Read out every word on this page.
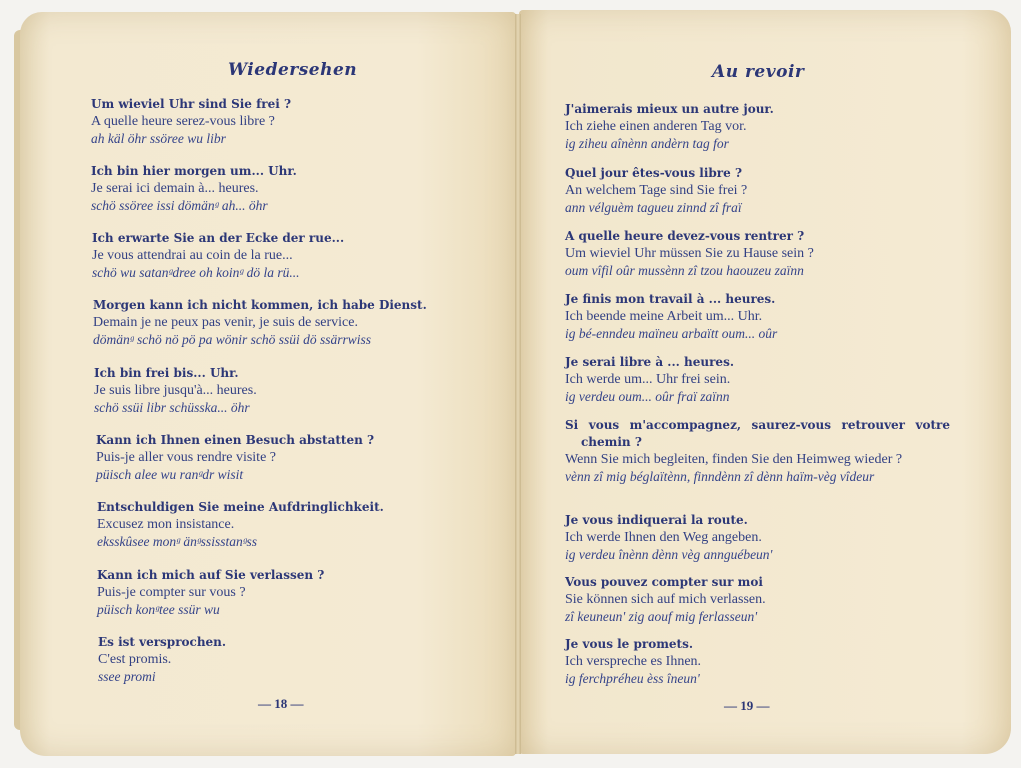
Wiedersehen
Um wieviel Uhr sind Sie frei ?
A quelle heure serez-vous libre ?
ah käl öhr ssöree wu libr
Ich bin hier morgen um... Uhr.
Je serai ici demain à... heures.
schö ssöree issi dömänᵍ ah... öhr
Ich erwarte Sie an der Ecke der rue...
Je vous attendrai au coin de la rue...
schö wu satanᵍdree oh koinᵍ dö la rü...
Morgen kann ich nicht kommen, ich habe Dienst.
Demain je ne peux pas venir, je suis de service.
dömänᵍ schö nö pö pa wönir schö ssüi dö ssärrwiss
Ich bin frei bis... Uhr.
Je suis libre jusqu'à... heures.
schö ssüi libr schüsska... öhr
Kann ich Ihnen einen Besuch abstatten ?
Puis-je aller vous rendre visite ?
püisch alee wu ranᵍdr wisit
Entschuldigen Sie meine Aufdringlichkeit.
Excusez mon insistance.
eksskûsee monᵍ änᵍssisstanᵍss
Kann ich mich auf Sie verlassen ?
Puis-je compter sur vous ?
püisch konᵍtee ssür wu
Es ist versprochen.
C'est promis.
ssee promi
— 18 —
Au revoir
J'aimerais mieux un autre jour.
Ich ziehe einen anderen Tag vor.
ig ziheu aînènn andèrn tag for
Quel jour êtes-vous libre ?
An welchem Tage sind Sie frei ?
ann vélguèm tagueu zinnd zî fraï
A quelle heure devez-vous rentrer ?
Um wieviel Uhr müssen Sie zu Hause sein ?
oum vîfil oûr mussènn zî tzou haouzeu zaïnn
Je finis mon travail à ... heures.
Ich beende meine Arbeit um... Uhr.
ig bé-enndeu maïneu arbaïtt oum... oûr
Je serai libre à ... heures.
Ich werde um... Uhr frei sein.
ig verdeu oum... oûr fraï zaïnn
Si vous m'accompagnez, saurez-vous retrouver votre chemin ?
Wenn Sie mich begleiten, finden Sie den Heimweg wieder ?
vènn zî mig béglaïtènn, finndènn zî dènn haïm-vèg vîdeur
Je vous indiquerai la route.
Ich werde Ihnen den Weg angeben.
ig verdeu înènn dènn vèg annguébeun'
Vous pouvez compter sur moi
Sie können sich auf mich verlassen.
zî keuneun' zig aouf mig ferlasseun'
Je vous le promets.
Ich verspreche es Ihnen.
ig ferchpréheu èss îneun'
— 19 —
